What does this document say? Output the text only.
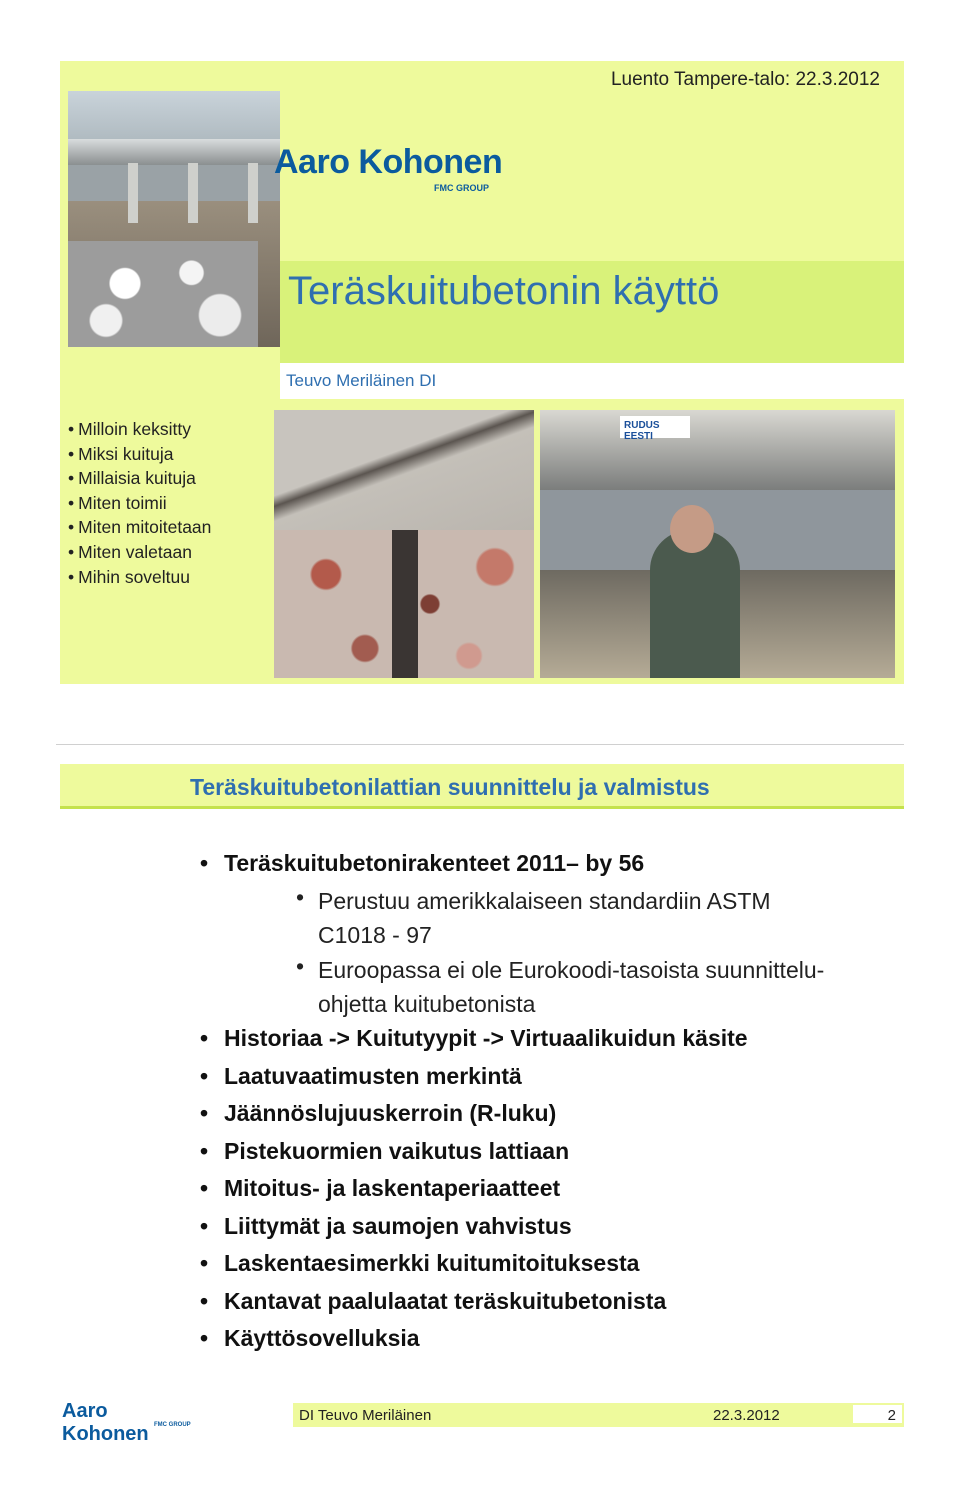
Luento Tampere-talo: 22.3.2012
Aaro Kohonen
FMC GROUP
Teräskuitubetonin käyttö
Teuvo Meriläinen DI
• Milloin keksitty
• Miksi kuituja
• Millaisia kuituja
• Miten toimii
• Miten mitoitetaan
• Miten valetaan
• Mihin soveltuu
RUDUS EESTI
Teräskuitubetonilattian suunnittelu ja valmistus
• Teräskuitubetonirakenteet 2011– by 56
• Perustuu amerikkalaiseen standardiin ASTM
C1018 - 97
• Euroopassa ei ole Eurokoodi-tasoista suunnittelu-
ohjetta kuitubetonista
• Historiaa -> Kuitutyypit -> Virtuaalikuidun käsite
• Laatuvaatimusten merkintä
• Jäännöslujuuskerroin (R-luku)
• Pistekuormien vaikutus lattiaan
• Mitoitus- ja laskentaperiaatteet
• Liittymät ja saumojen vahvistus
• Laskentaesimerkki kuitumitoituksesta
• Kantavat paalulaatat teräskuitubetonista
• Käyttösovelluksia
Aaro Kohonen FMC GROUP
DI Teuvo Meriläinen	22.3.2012	2
